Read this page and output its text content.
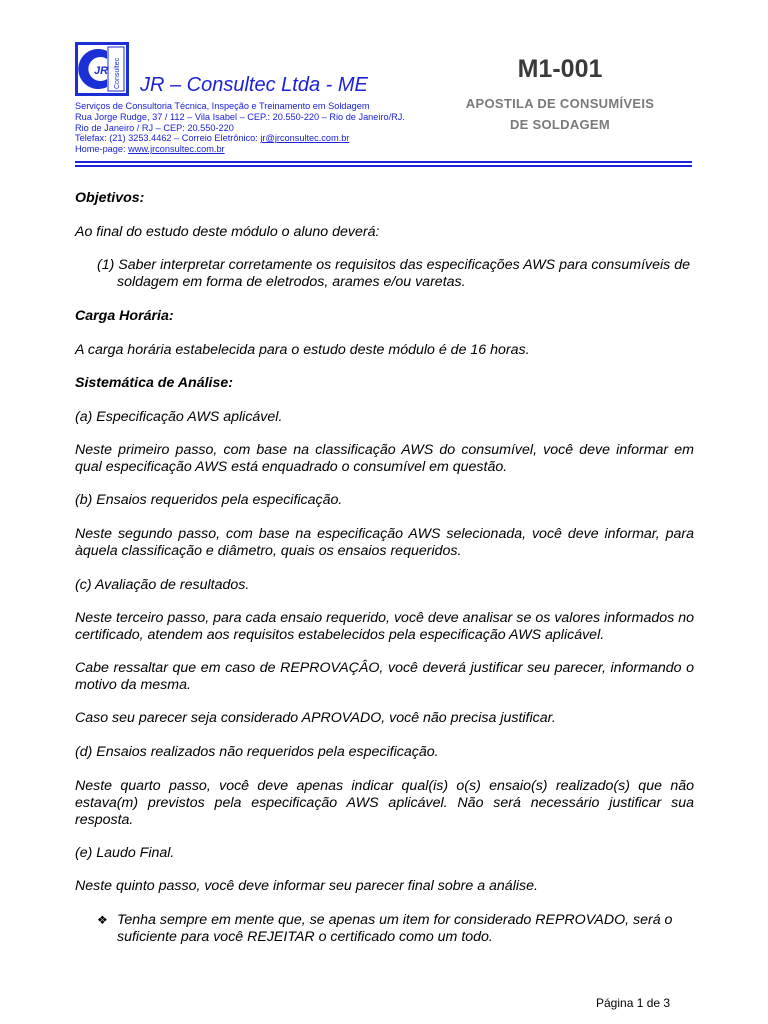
JR Consultec JR – Consultec Ltda - ME
Serviços de Consultoria Técnica, Inspeção e Treinamento em Soldagem
Rua Jorge Rudge, 37 / 112 – Vila Isabel – CEP.: 20.550-220 – Rio de Janeiro/RJ.
Rio de Janeiro / RJ – CEP: 20.550-220
Telefax: (21) 3253.4462 – Correio Eletrônico: jr@jrconsultec.com.br
Home-page: www.jrconsultec.com.br
M1-001
APOSTILA DE CONSUMÍVEIS
DE SOLDAGEM
Objetivos:
Ao final do estudo deste módulo o aluno deverá:
(1) Saber interpretar corretamente os requisitos das especificações AWS para consumíveis de soldagem em forma de eletrodos, arames e/ou varetas.
Carga Horária:
A carga horária estabelecida para o estudo deste módulo é de 16 horas.
Sistemática de Análise:
(a) Especificação AWS aplicável.
Neste primeiro passo, com base na classificação AWS do consumível, você deve informar em qual especificação AWS está enquadrado o consumível em questão.
(b) Ensaios requeridos pela especificação.
Neste segundo passo, com base na especificação AWS selecionada, você deve informar, para àquela classificação e diâmetro, quais os ensaios requeridos.
(c) Avaliação de resultados.
Neste terceiro passo, para cada ensaio requerido, você deve analisar se os valores informados no certificado, atendem aos requisitos estabelecidos pela especificação AWS aplicável.
Cabe ressaltar que em caso de REPROVAÇÂO, você deverá justificar seu parecer, informando o motivo da mesma.
Caso seu parecer seja considerado APROVADO, você não precisa justificar.
(d) Ensaios realizados não requeridos pela especificação.
Neste quarto passo, você deve apenas indicar qual(is) o(s) ensaio(s) realizado(s) que não estava(m) previstos pela especificação AWS aplicável. Não será necessário justificar sua resposta.
(e) Laudo Final.
Neste quinto passo, você deve informar seu parecer final sobre a análise.
❖ Tenha sempre em mente que, se apenas um item for considerado REPROVADO, será o suficiente para você REJEITAR o certificado como um todo.
Página 1 de 3
